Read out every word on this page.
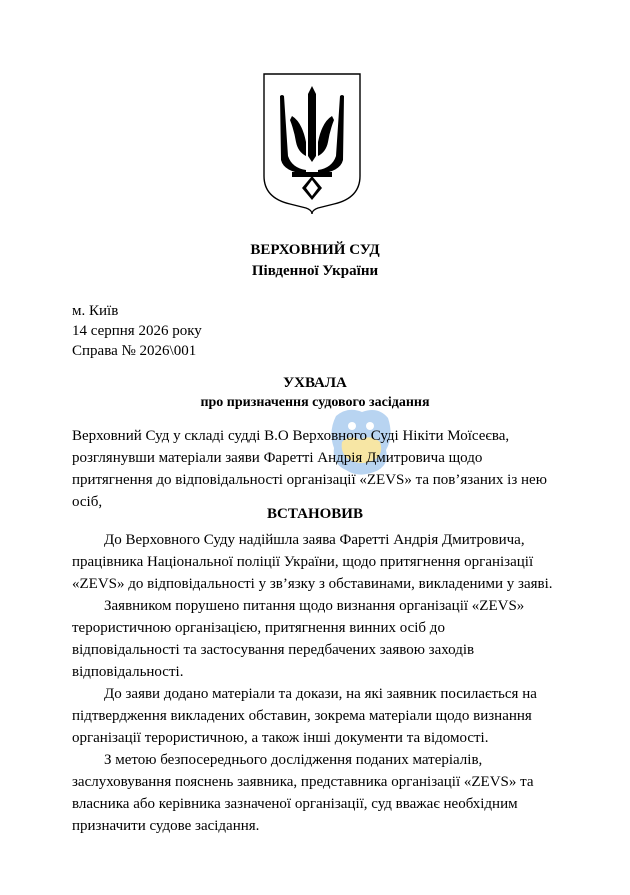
ВЕРХОВНИЙ СУД
Південної України
м. Київ
14 серпня 2026 року
Справа № 2026\001
УХВАЛА
про призначення судового засідання
Верховний Суд у складі судді В.О Верховного Суді Нікіти Моїсеєва,
розглянувши матеріали заяви Фаретті Андрія Дмитровича щодо
притягнення до відповідальності організації «ZEVS» та пов’язаних із нею
осіб,
ВСТАНОВИВ
До Верховного Суду надійшла заява Фаретті Андрія Дмитровича,
працівника Національної поліції України, щодо притягнення організації
«ZEVS» до відповідальності у зв’язку з обставинами, викладеними у заяві.
Заявником порушено питання щодо визнання організації «ZEVS»
терористичною організацією, притягнення винних осіб до
відповідальності та застосування передбачених заявою заходів
відповідальності.
До заяви додано матеріали та докази, на які заявник посилається на
підтвердження викладених обставин, зокрема матеріали щодо визнання
організації терористичною, а також інші документи та відомості.
З метою безпосереднього дослідження поданих матеріалів,
заслуховування пояснень заявника, представника організації «ZEVS» та
власника або керівника зазначеної організації, суд вважає необхідним
призначити судове засідання.
